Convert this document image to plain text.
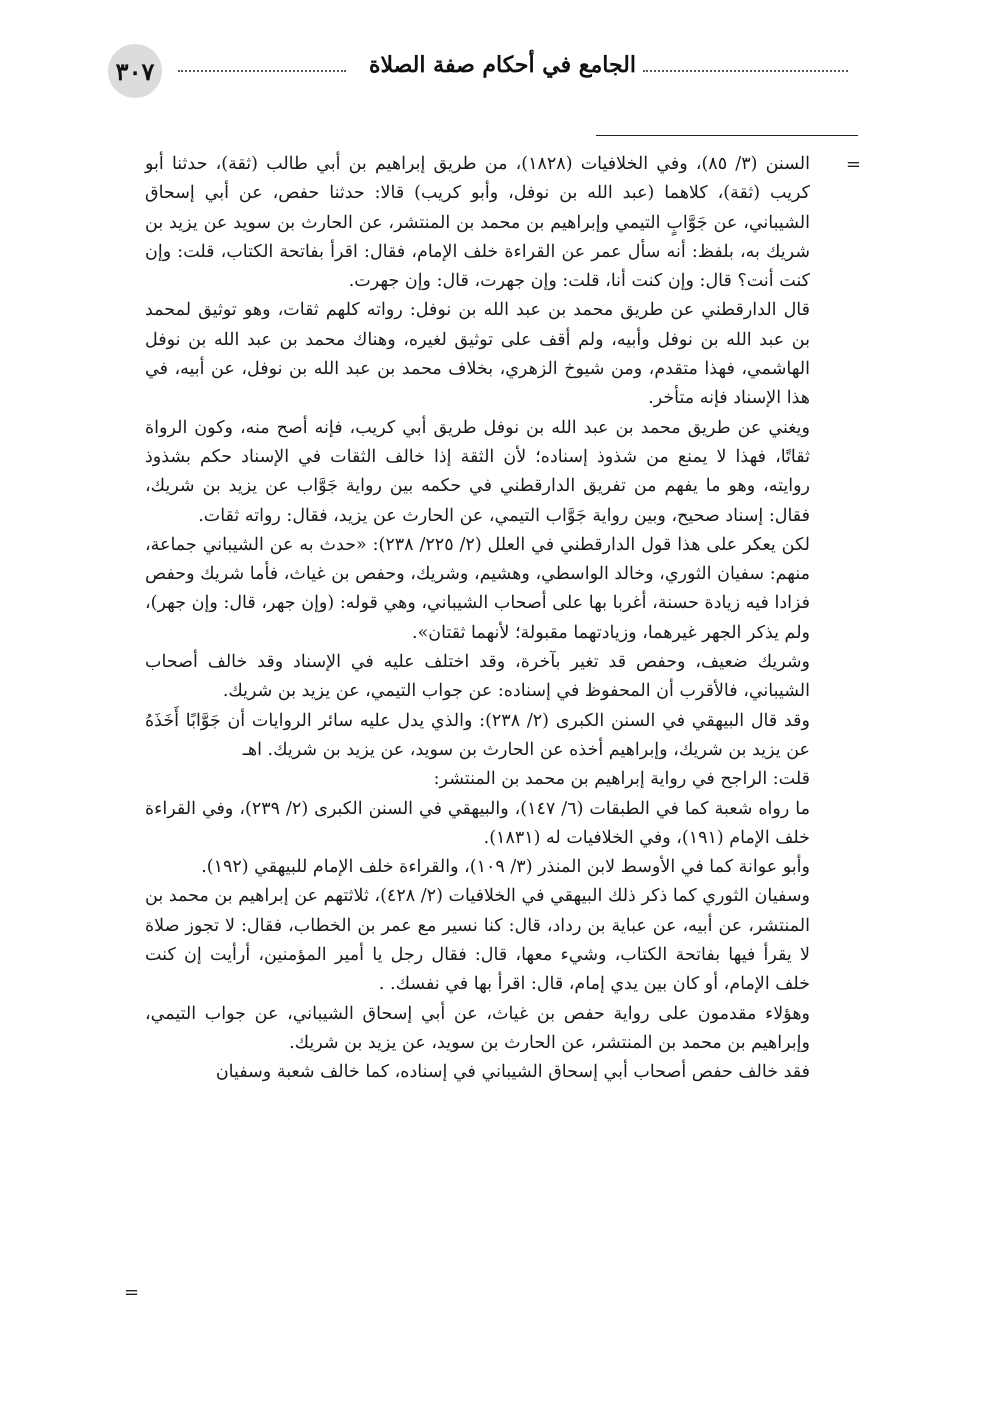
الجامع في أحكام صفة الصلاة
٣٠٧
=

السنن (٣/ ٨٥)، وفي الخلافيات (١٨٢٨)، من طريق إبراهيم بن أبي طالب (ثقة)، حدثنا أبو كريب (ثقة)، كلاهما (عبد الله بن نوفل، وأبو كريب) قالا: حدثنا حفص، عن أبي إسحاق الشيباني، عن جَوَّابٍ التيمي وإبراهيم بن محمد بن المنتشر، عن الحارث بن سويد عن يزيد بن شريك به، بلفظ: أنه سأل عمر عن القراءة خلف الإمام، فقال: اقرأ بفاتحة الكتاب، قلت: وإن كنت أنت؟ قال: وإن كنت أنا، قلت: وإن جهرت، قال: وإن جهرت.

قال الدارقطني عن طريق محمد بن عبد الله بن نوفل: رواته كلهم ثقات، وهو توثيق لمحمد بن عبد الله بن نوفل وأبيه، ولم أقف على توثيق لغيره، وهناك محمد بن عبد الله بن نوفل الهاشمي، فهذا متقدم، ومن شيوخ الزهري، بخلاف محمد بن عبد الله بن نوفل، عن أبيه، في هذا الإسناد فإنه متأخر.

ويغني عن طريق محمد بن عبد الله بن نوفل طريق أبي كريب، فإنه أصح منه، وكون الرواة ثقاتًا، فهذا لا يمنع من شذوذ إسناده؛ لأن الثقة إذا خالف الثقات في الإسناد حكم بشذوذ روايته، وهو ما يفهم من تفريق الدارقطني في حكمه بين رواية جَوَّاب عن يزيد بن شريك، فقال: إسناد صحيح، وبين رواية جَوَّاب التيمي، عن الحارث عن يزيد، فقال: رواته ثقات.

لكن يعكر على هذا قول الدارقطني في العلل (٢/ ٢٢٥/ ٢٣٨): «حدث به عن الشيباني جماعة، منهم: سفيان الثوري، وخالد الواسطي، وهشيم، وشريك، وحفص بن غياث، فأما شريك وحفص فزادا فيه زيادة حسنة، أغربا بها على أصحاب الشيباني، وهي قوله: (وإن جهر، قال: وإن جهر)، ولم يذكر الجهر غيرهما، وزيادتهما مقبولة؛ لأنهما ثقتان».

وشريك ضعيف، وحفص قد تغير بآخرة، وقد اختلف عليه في الإسناد وقد خالف أصحاب الشيباني، فالأقرب أن المحفوظ في إسناده: عن جواب التيمي، عن يزيد بن شريك.

وقد قال البيهقي في السنن الكبرى (٢/ ٢٣٨): والذي يدل عليه سائر الروايات أن جَوَّابًا أَخَذَهُ عن يزيد بن شريك، وإبراهيم أخذه عن الحارث بن سويد، عن يزيد بن شريك. اهـ

قلت: الراجح في رواية إبراهيم بن محمد بن المنتشر:

ما رواه شعبة كما في الطبقات (٦/ ١٤٧)، والبيهقي في السنن الكبرى (٢/ ٢٣٩)، وفي القراءة خلف الإمام (١٩١)، وفي الخلافيات له (١٨٣١).

وأبو عوانة كما في الأوسط لابن المنذر (٣/ ١٠٩)، والقراءة خلف الإمام للبيهقي (١٩٢).

وسفيان الثوري كما ذكر ذلك البيهقي في الخلافيات (٢/ ٤٢٨)، ثلاثتهم عن إبراهيم بن محمد بن المنتشر، عن أبيه، عن عباية بن رداد، قال: كنا نسير مع عمر بن الخطاب، فقال: لا تجوز صلاة لا يقرأ فيها بفاتحة الكتاب، وشيء معها، قال: فقال رجل يا أمير المؤمنين، أرأيت إن كنت خلف الإمام، أو كان بين يدي إمام، قال: اقرأ بها في نفسك. .

وهؤلاء مقدمون على رواية حفص بن غياث، عن أبي إسحاق الشيباني، عن جواب التيمي، وإبراهيم بن محمد بن المنتشر، عن الحارث بن سويد، عن يزيد بن شريك.

فقد خالف حفص أصحاب أبي إسحاق الشيباني في إسناده، كما خالف شعبة وسفيان

=
